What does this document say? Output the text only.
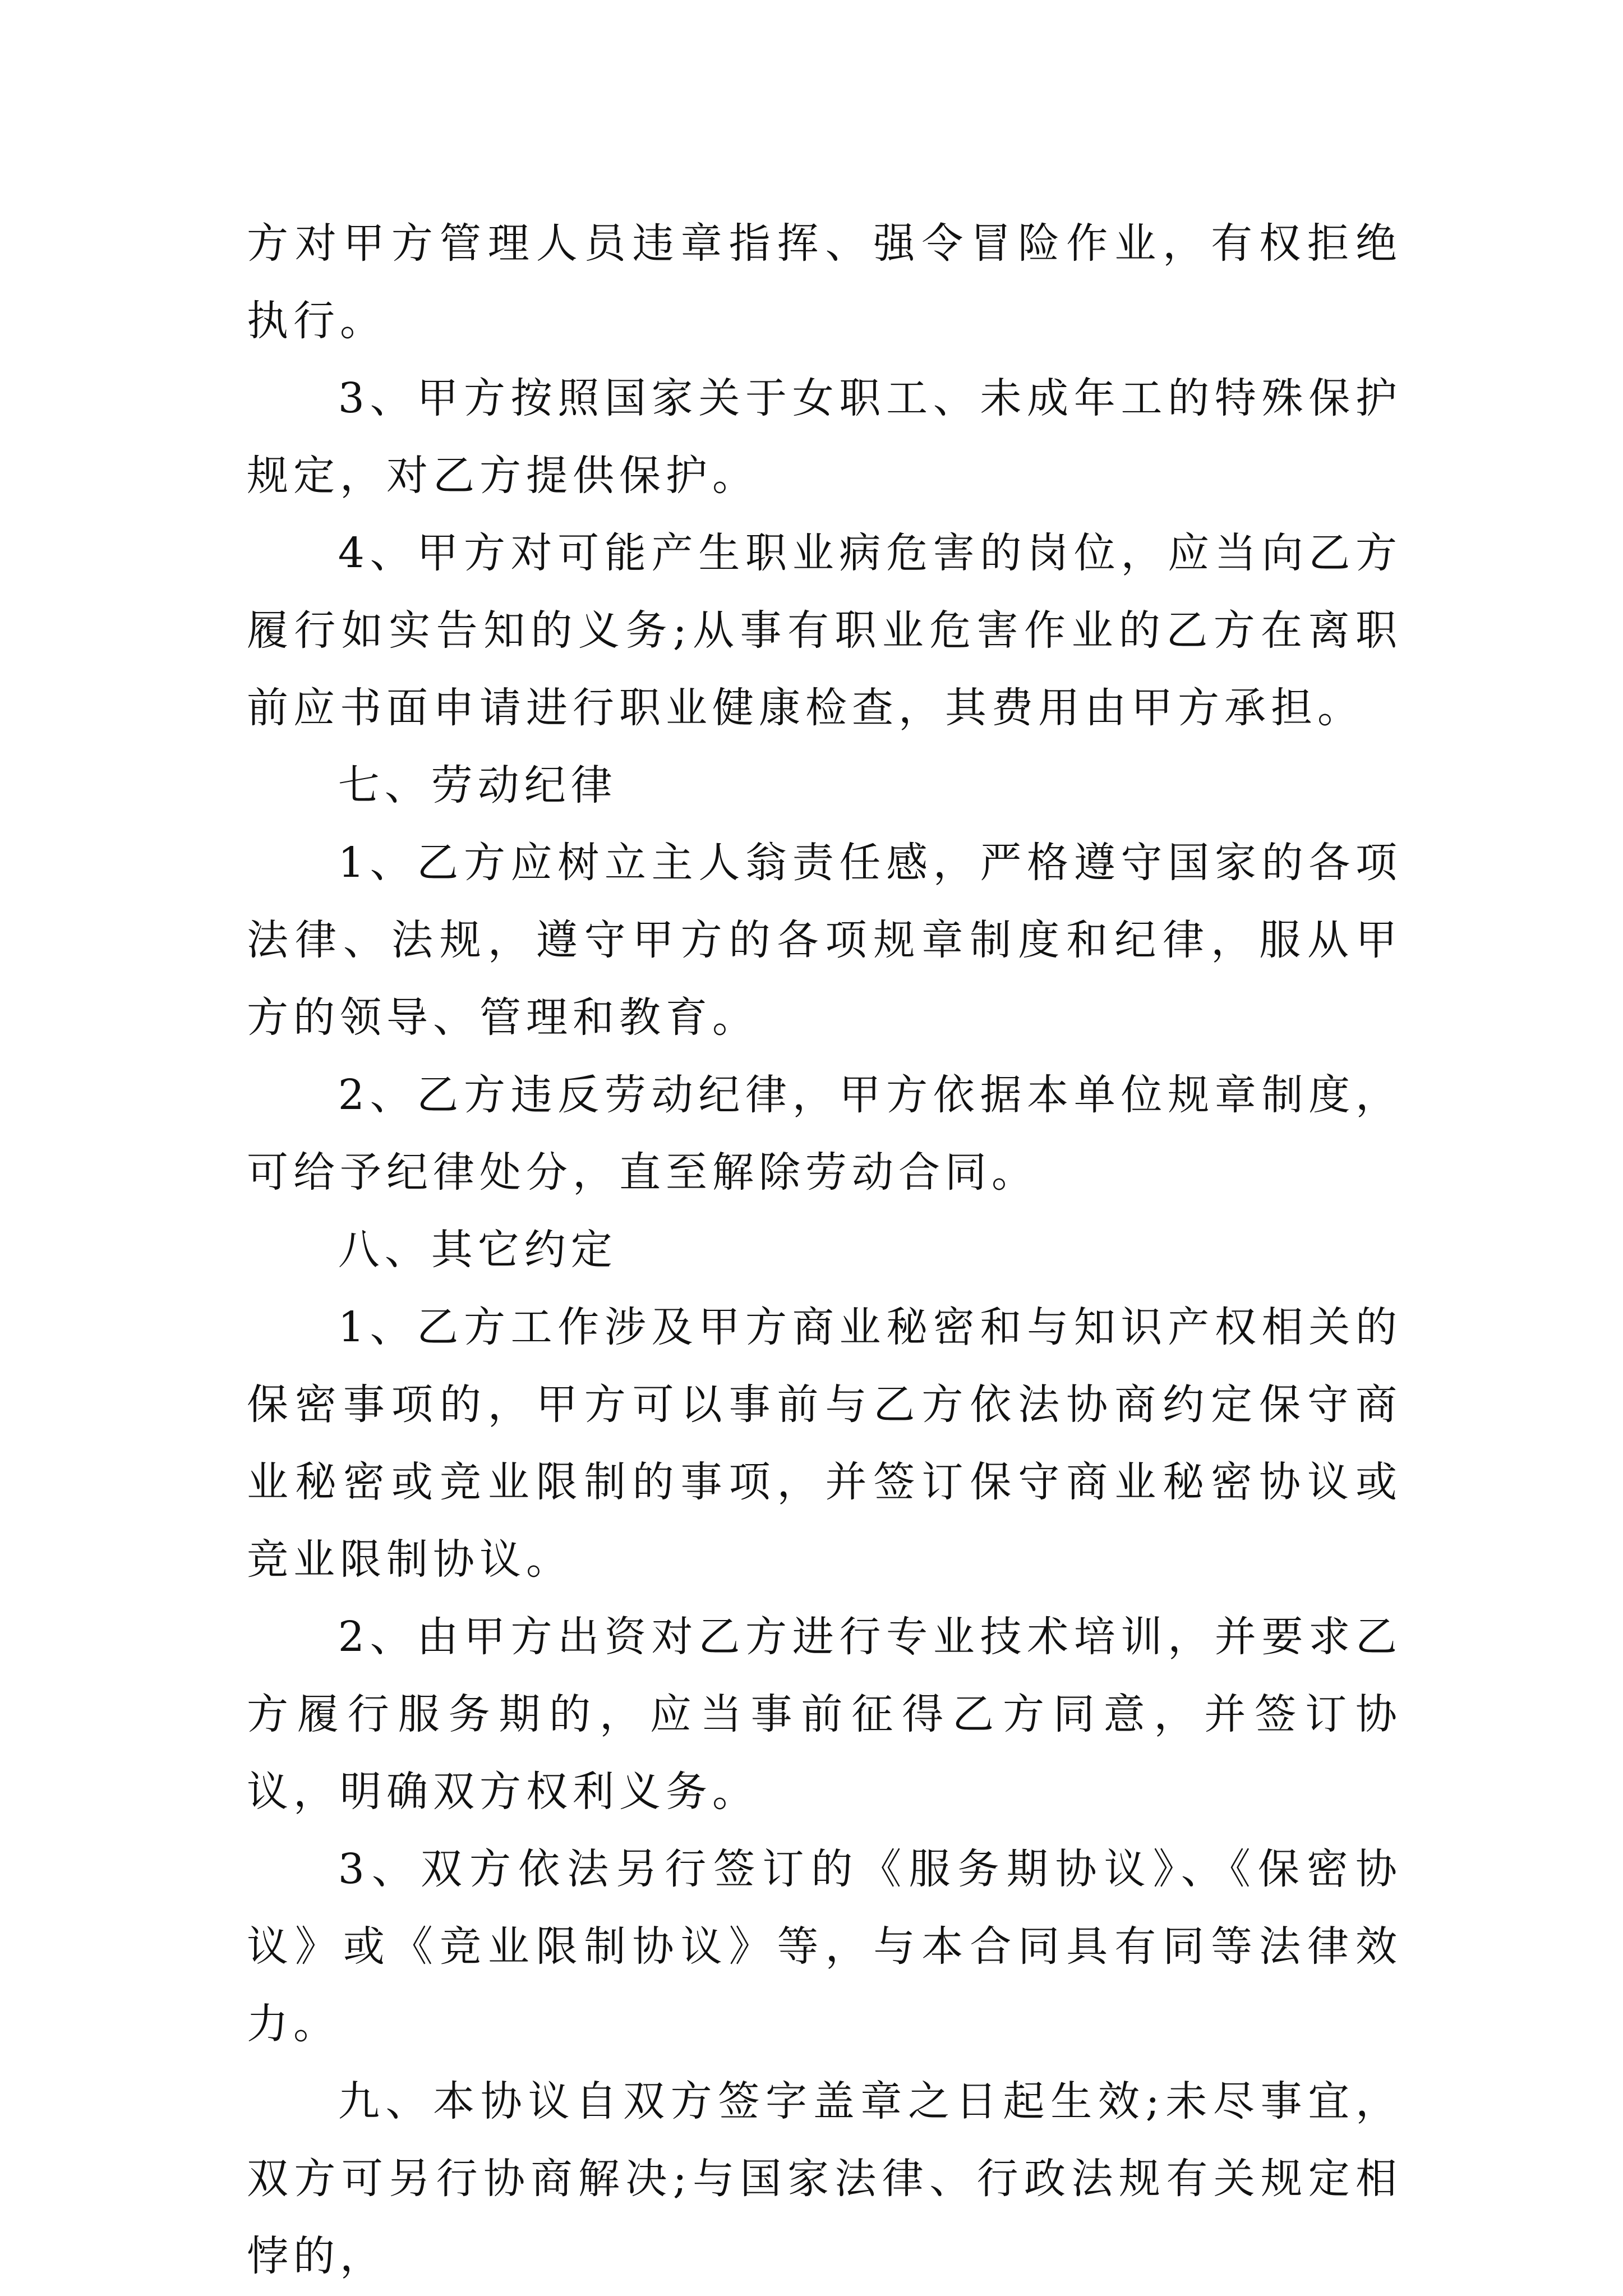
方对甲方管理人员违章指挥、强令冒险作业，有权拒绝执行。

3、甲方按照国家关于女职工、未成年工的特殊保护规定，对乙方提供保护。

4、甲方对可能产生职业病危害的岗位，应当向乙方履行如实告知的义务;从事有职业危害作业的乙方在离职前应书面申请进行职业健康检查，其费用由甲方承担。

七、劳动纪律

1、乙方应树立主人翁责任感，严格遵守国家的各项法律、法规，遵守甲方的各项规章制度和纪律，服从甲方的领导、管理和教育。

2、乙方违反劳动纪律，甲方依据本单位规章制度，可给予纪律处分，直至解除劳动合同。

八、其它约定

1、乙方工作涉及甲方商业秘密和与知识产权相关的保密事项的，甲方可以事前与乙方依法协商约定保守商业秘密或竞业限制的事项，并签订保守商业秘密协议或竞业限制协议。

2、由甲方出资对乙方进行专业技术培训，并要求乙方履行服务期的，应当事前征得乙方同意，并签订协议，明确双方权利义务。

3、双方依法另行签订的《服务期协议》、《保密协议》或《竞业限制协议》等，与本合同具有同等法律效力。

九、本协议自双方签字盖章之日起生效;未尽事宜，双方可另行协商解决;与国家法律、行政法规有关规定相悖的，
